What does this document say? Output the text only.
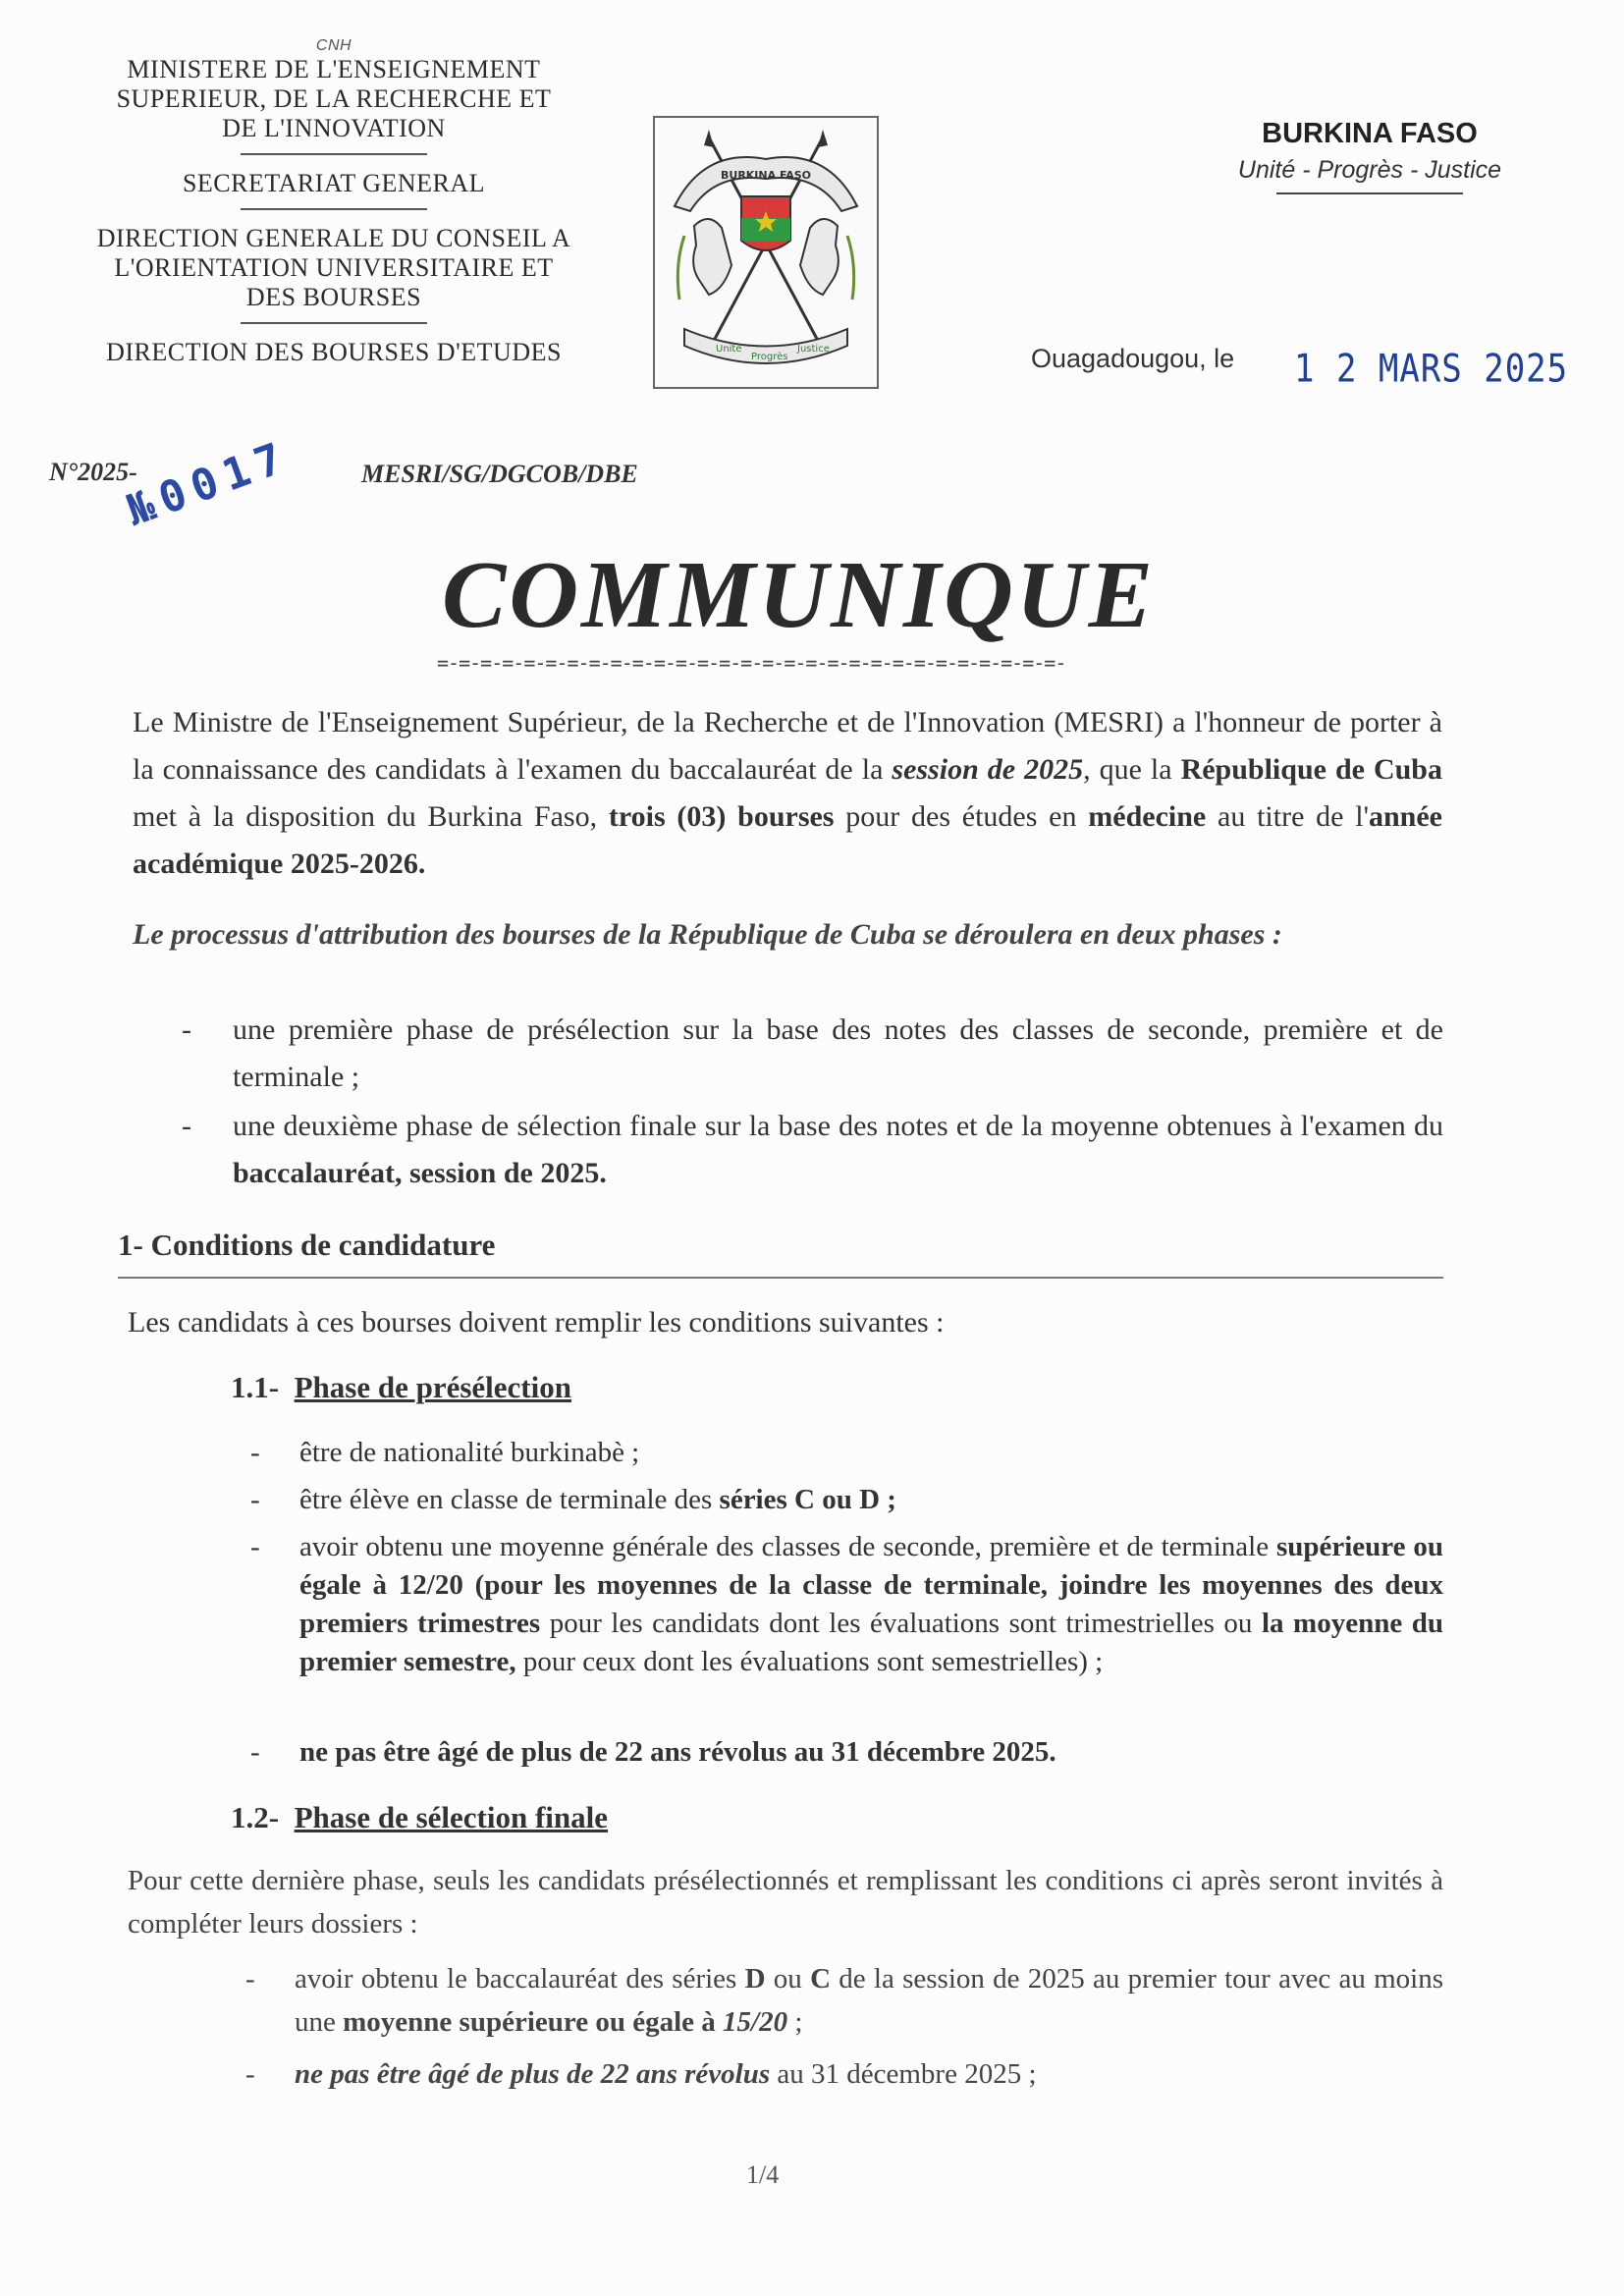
CNH
MINISTERE DE L'ENSEIGNEMENT
SUPERIEUR, DE LA RECHERCHE ET
DE L'INNOVATION
SECRETARIAT GENERAL
DIRECTION GENERALE DU CONSEIL A
L'ORIENTATION UNIVERSITAIRE ET
DES BOURSES
DIRECTION DES BOURSES D'ETUDES
BURKINA FASO
Unité
Progrès
Justice
BURKINA FASO
Unité - Progrès - Justice
Ouagadougou, le 1 2 MARS 2025
N°2025-	MESRI/SG/DGCOB/DBE
№0017
COMMUNIQUE
=-=-=-=-=-=-=-=-=-=-=-=-=-=-=-=-=-=-=-=-=-=-=-=-=-=-=-=-=-
Le Ministre de l'Enseignement Supérieur, de la Recherche et de l'Innovation (MESRI) a l'honneur de porter à la connaissance des candidats à l'examen du baccalauréat de la session de 2025, que la République de Cuba met à la disposition du Burkina Faso, trois (03) bourses pour des études en médecine au titre de l'année académique 2025-2026.
Le processus d'attribution des bourses de la République de Cuba se déroulera en deux phases :
- une première phase de présélection sur la base des notes des classes de seconde, première et de terminale ;
- une deuxième phase de sélection finale sur la base des notes et de la moyenne obtenues à l'examen du baccalauréat, session de 2025.
1- Conditions de candidature
Les candidats à ces bourses doivent remplir les conditions suivantes :
1.1- Phase de présélection
- être de nationalité burkinabè ;
- être élève en classe de terminale des séries C ou D ;
- avoir obtenu une moyenne générale des classes de seconde, première et de terminale supérieure ou égale à 12/20 (pour les moyennes de la classe de terminale, joindre les moyennes des deux premiers trimestres pour les candidats dont les évaluations sont trimestrielles ou la moyenne du premier semestre, pour ceux dont les évaluations sont semestrielles) ;
- ne pas être âgé de plus de 22 ans révolus au 31 décembre 2025.
1.2- Phase de sélection finale
Pour cette dernière phase, seuls les candidats présélectionnés et remplissant les conditions ci après seront invités à compléter leurs dossiers :
- avoir obtenu le baccalauréat des séries D ou C de la session de 2025 au premier tour avec au moins une moyenne supérieure ou égale à 15/20 ;
- ne pas être âgé de plus de 22 ans révolus au 31 décembre 2025 ;
1/4
